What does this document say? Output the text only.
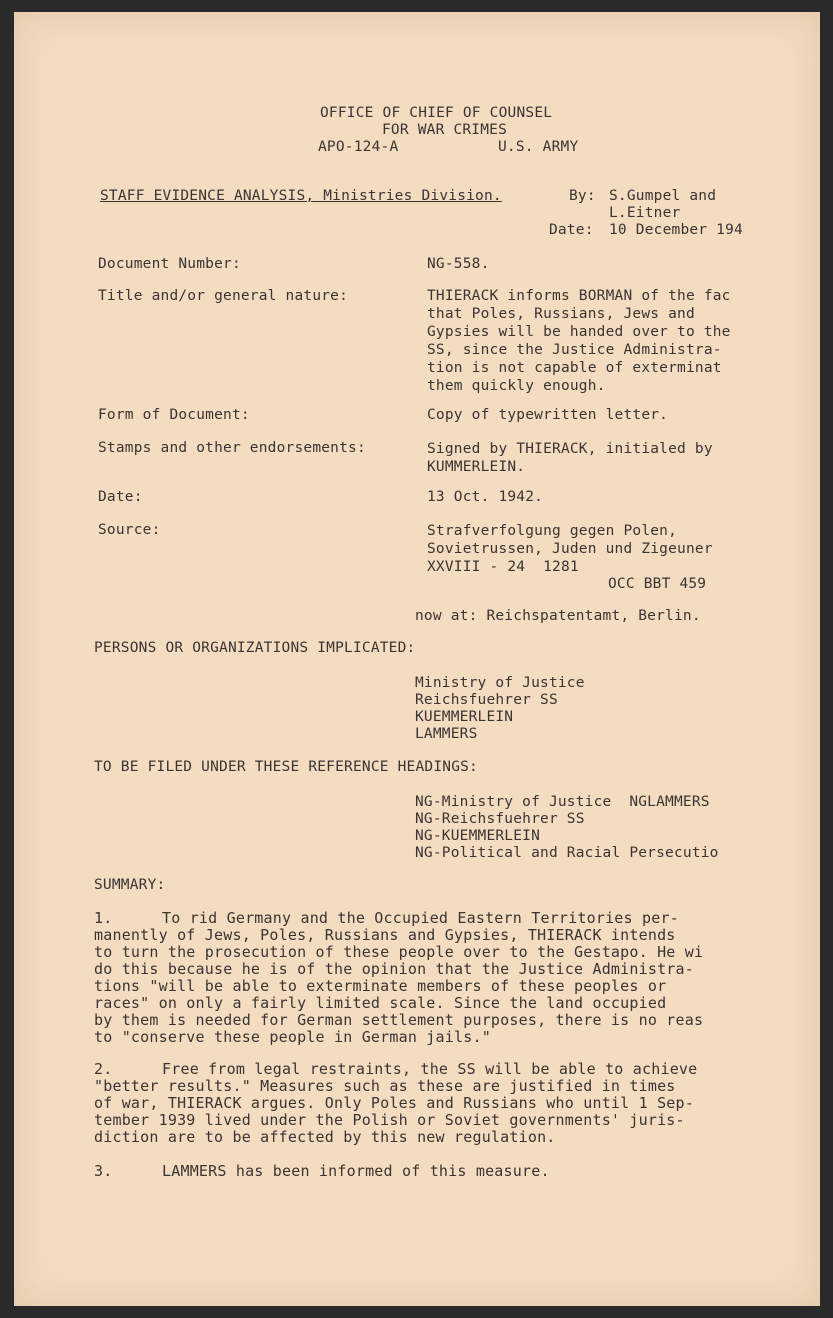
OFFICE OF CHIEF OF COUNSEL
FOR WAR CRIMES
APO-124-A	U.S. ARMY
STAFF EVIDENCE ANALYSIS, Ministries Division.	By: S.Gumpel and
L.Eitner
Date: 10 December 194
Document Number:	NG-558.
Title and/or general nature:	THIERACK informs BORMAN of the fac
that Poles, Russians, Jews and
Gypsies will be handed over to the
SS, since the Justice Administra-
tion is not capable of exterminat
them quickly enough.
Form of Document:	Copy of typewritten letter.
Stamps and other endorsements:	Signed by THIERACK, initialed by
KUMMERLEIN.
Date:	13 Oct. 1942.
Source:	Strafverfolgung gegen Polen,
Sovietrussen, Juden und Zigeuner
XXVIII - 24  1281
OCC BBT 459
now at: Reichspatentamt, Berlin.
PERSONS OR ORGANIZATIONS IMPLICATED:
Ministry of Justice
Reichsfuehrer SS
KUEMMERLEIN
LAMMERS
TO BE FILED UNDER THESE REFERENCE HEADINGS:
NG-Ministry of Justice  NGLAMMERS
NG-Reichsfuehrer SS
NG-KUEMMERLEIN
NG-Political and Racial Persecutio
SUMMARY:
1.	To rid Germany and the Occupied Eastern Territories per-
manently of Jews, Poles, Russians and Gypsies, THIERACK intends
to turn the prosecution of these people over to the Gestapo. He wi
do this because he is of the opinion that the Justice Administra-
tions "will be able to exterminate members of these peoples or
races" on only a fairly limited scale. Since the land occupied
by them is needed for German settlement purposes, there is no reas
to "conserve these people in German jails."
2.	Free from legal restraints, the SS will be able to achieve
"better results." Measures such as these are justified in times
of war, THIERACK argues. Only Poles and Russians who until 1 Sep-
tember 1939 lived under the Polish or Soviet governments' juris-
diction are to be affected by this new regulation.
3.	LAMMERS has been informed of this measure.
